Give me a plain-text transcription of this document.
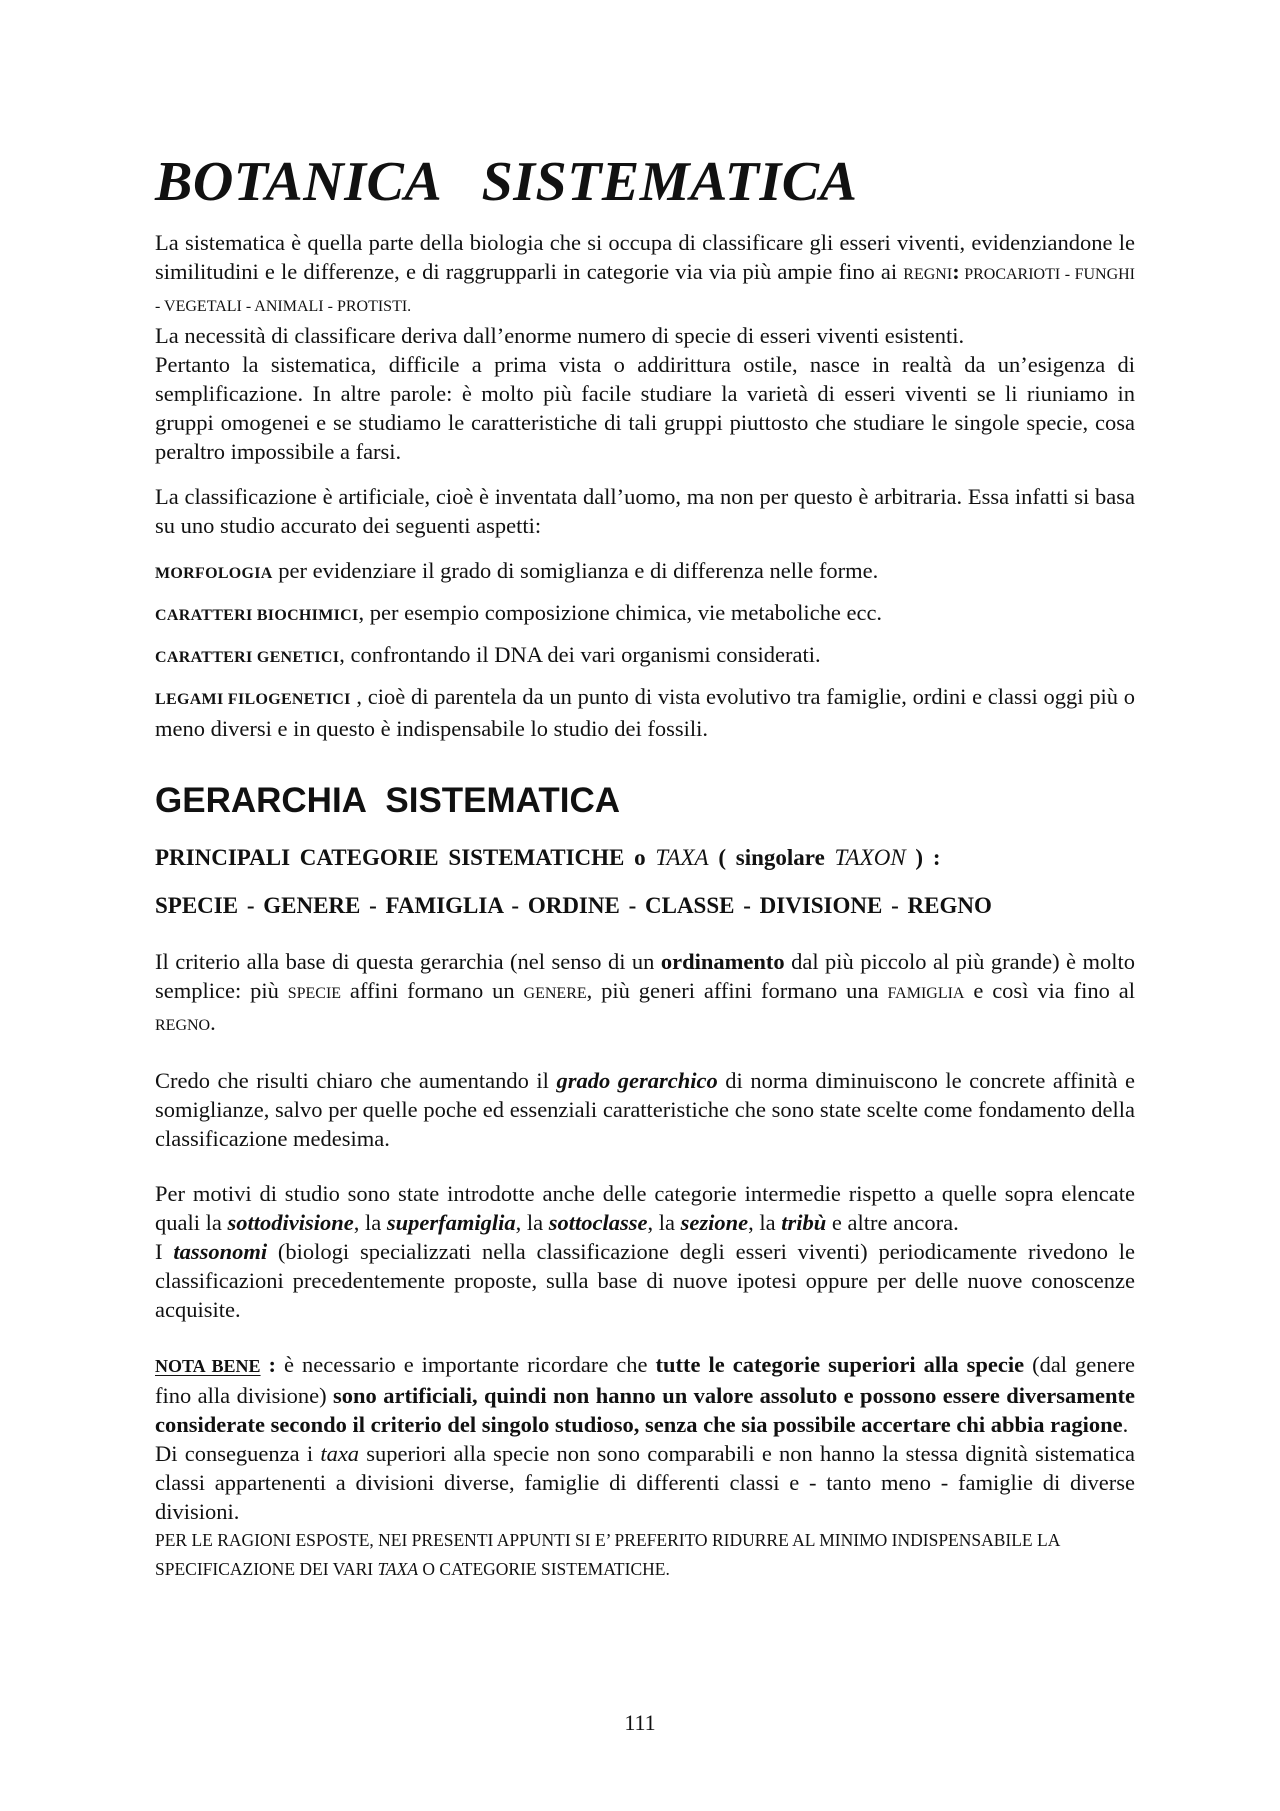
BOTANICA SISTEMATICA

La sistematica è quella parte della biologia che si occupa di classificare gli esseri viventi, evidenziandone le similitudini e le differenze, e di raggrupparli in categorie via via più ampie fino ai REGNI: PROCARIOTI - FUNGHI - VEGETALI - ANIMALI - PROTISTI.

La necessità di classificare deriva dall’enorme numero di specie di esseri viventi esistenti.

Pertanto la sistematica, difficile a prima vista o addirittura ostile, nasce in realtà da un’esigenza di semplificazione. In altre parole: è molto più facile studiare la varietà di esseri viventi se li riuniamo in gruppi omogenei e se studiamo le caratteristiche di tali gruppi piuttosto che studiare le singole specie, cosa peraltro impossibile a farsi.

La classificazione è artificiale, cioè è inventata dall’uomo, ma non per questo è arbitraria. Essa infatti si basa su uno studio accurato dei seguenti aspetti:

MORFOLOGIA per evidenziare il grado di somiglianza e di differenza nelle forme.

CARATTERI BIOCHIMICI, per esempio composizione chimica, vie metaboliche ecc.

CARATTERI GENETICI, confrontando il DNA dei vari organismi considerati.

LEGAMI FILOGENETICI , cioè di parentela da un punto di vista evolutivo tra famiglie, ordini e classi oggi più o meno diversi e in questo è indispensabile lo studio dei fossili.

GERARCHIA SISTEMATICA

PRINCIPALI CATEGORIE SISTEMATICHE o TAXA ( singolare TAXON ) :

SPECIE - GENERE - FAMIGLIA - ORDINE - CLASSE - DIVISIONE - REGNO

Il criterio alla base di questa gerarchia (nel senso di un ordinamento dal più piccolo al più grande) è molto semplice: più SPECIE affini formano un GENERE, più generi affini formano una FAMIGLIA e così via fino al REGNO.

Credo che risulti chiaro che aumentando il grado gerarchico di norma diminuiscono le concrete affinità e somiglianze, salvo per quelle poche ed essenziali caratteristiche che sono state scelte come fondamento della classificazione medesima.

Per motivi di studio sono state introdotte anche delle categorie intermedie rispetto a quelle sopra elencate quali la sottodivisione, la superfamiglia, la sottoclasse, la sezione, la tribù e altre ancora.

I tassonomi (biologi specializzati nella classificazione degli esseri viventi) periodicamente rivedono le classificazioni precedentemente proposte, sulla base di nuove ipotesi oppure per delle nuove conoscenze acquisite.

NOTA BENE : è necessario e importante ricordare che tutte le categorie superiori alla specie (dal genere fino alla divisione) sono artificiali, quindi non hanno un valore assoluto e possono essere diversamente considerate secondo il criterio del singolo studioso, senza che sia possibile accertare chi abbia ragione.

Di conseguenza i taxa superiori alla specie non sono comparabili e non hanno la stessa dignità sistematica classi appartenenti a divisioni diverse, famiglie di differenti classi e - tanto meno - famiglie di diverse divisioni.

PER LE RAGIONI ESPOSTE, NEI PRESENTI APPUNTI SI E’ PREFERITO RIDURRE AL MINIMO INDISPENSABILE LA SPECIFICAZIONE DEI VARI TAXA O CATEGORIE SISTEMATICHE.

111
